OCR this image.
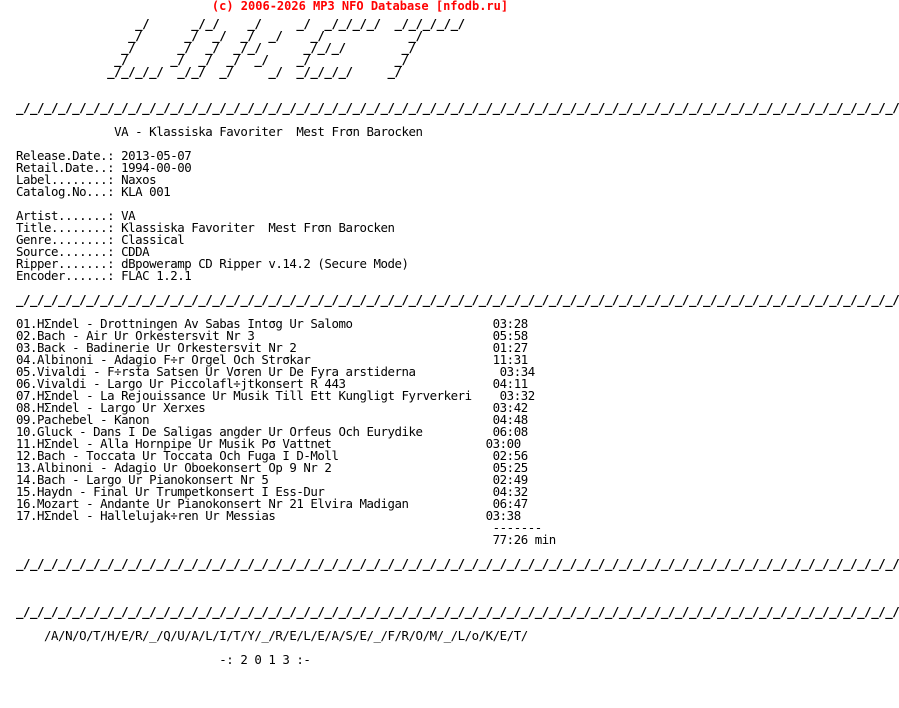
(c) 2006-2026 MP3 NFO Database [nfodb.ru]
_/      _/_/    _/     _/  _/_/_/_/  _/_/_/_/_/
_/      _/  _/  _/  _/    _/            _/
_/      _/  _/  _/_/      _/_/_/        _/
_/      _/  _/  _/  _/    _/            _/
_/_/_/_/  _/_/  _/     _/  _/_/_/_/     _/

_/_/_/_/_/_/_/_/_/_/_/_/_/_/_/_/_/_/_/_/_/_/_/_/_/_/_/_/_/_/_/_/_/_/_/_/_/_/_/_/_/_/_/_/_/_/_/_/_/_/_/_/_/_/_/_/_/_/_/_/_/_/_/

VA - Klassiska Favoriter  Mest Frσn Barocken

Release.Date.: 2013-05-07
Retail.Date..: 1994-00-00
Label........: Naxos
Catalog.No...: KLA 001

Artist.......: VA
Title........: Klassiska Favoriter  Mest Frσn Barocken
Genre........: Classical
Source.......: CDDA
Ripper.......: dBpoweramp CD Ripper v.14.2 (Secure Mode)
Encoder......: FLAC 1.2.1

_/_/_/_/_/_/_/_/_/_/_/_/_/_/_/_/_/_/_/_/_/_/_/_/_/_/_/_/_/_/_/_/_/_/_/_/_/_/_/_/_/_/_/_/_/_/_/_/_/_/_/_/_/_/_/_/_/_/_/_/_/_/_/

01.HΣndel - Drottningen Av Sabas Intσg Ur Salomo                    03:28
02.Bach - Air Ur Orkestersvit Nr 3                                  05:58
03.Back - Badinerie Ur Orkestersvit Nr 2                            01:27
04.Albinoni - Adagio F÷r Orgel Och Strσkar                          11:31
05.Vivaldi - F÷rsta Satsen Ur Vσren Ur De Fyra arstiderna            03:34
06.Vivaldi - Largo Ur Piccolafl÷jtkonsert R 443                     04:11
07.HΣndel - La Rejouissance Ur Musik Till Ett Kungligt Fyrverkeri    03:32
08.HΣndel - Largo Ur Xerxes                                         03:42
09.Pachebel - Kanon                                                 04:48
10.Gluck - Dans I De Saligas angder Ur Orfeus Och Eurydike          06:08
11.HΣndel - Alla Hornpipe Ur Musik Pσ Vattnet                      03:00
12.Bach - Toccata Ur Toccata Och Fuga I D-Moll                      02:56
13.Albinoni - Adagio Ur Oboekonsert Op 9 Nr 2                       05:25
14.Bach - Largo Ur Pianokonsert Nr 5                                02:49
15.Haydn - Final Ur Trumpetkonsert I Ess-Dur                        04:32
16.Mozart - Andante Ur Pianokonsert Nr 21 Elvira Madigan            06:47
17.HΣndel - Hallelujak÷ren Ur Messias                              03:38
-------
77:26 min

_/_/_/_/_/_/_/_/_/_/_/_/_/_/_/_/_/_/_/_/_/_/_/_/_/_/_/_/_/_/_/_/_/_/_/_/_/_/_/_/_/_/_/_/_/_/_/_/_/_/_/_/_/_/_/_/_/_/_/_/_/_/_/

_/_/_/_/_/_/_/_/_/_/_/_/_/_/_/_/_/_/_/_/_/_/_/_/_/_/_/_/_/_/_/_/_/_/_/_/_/_/_/_/_/_/_/_/_/_/_/_/_/_/_/_/_/_/_/_/_/_/_/_/_/_/_/

/A/N/O/T/H/E/R/_/Q/U/A/L/I/T/Y/_/R/E/L/E/A/S/E/_/F/R/O/M/_/L/o/K/E/T/

-: 2 0 1 3 :-
